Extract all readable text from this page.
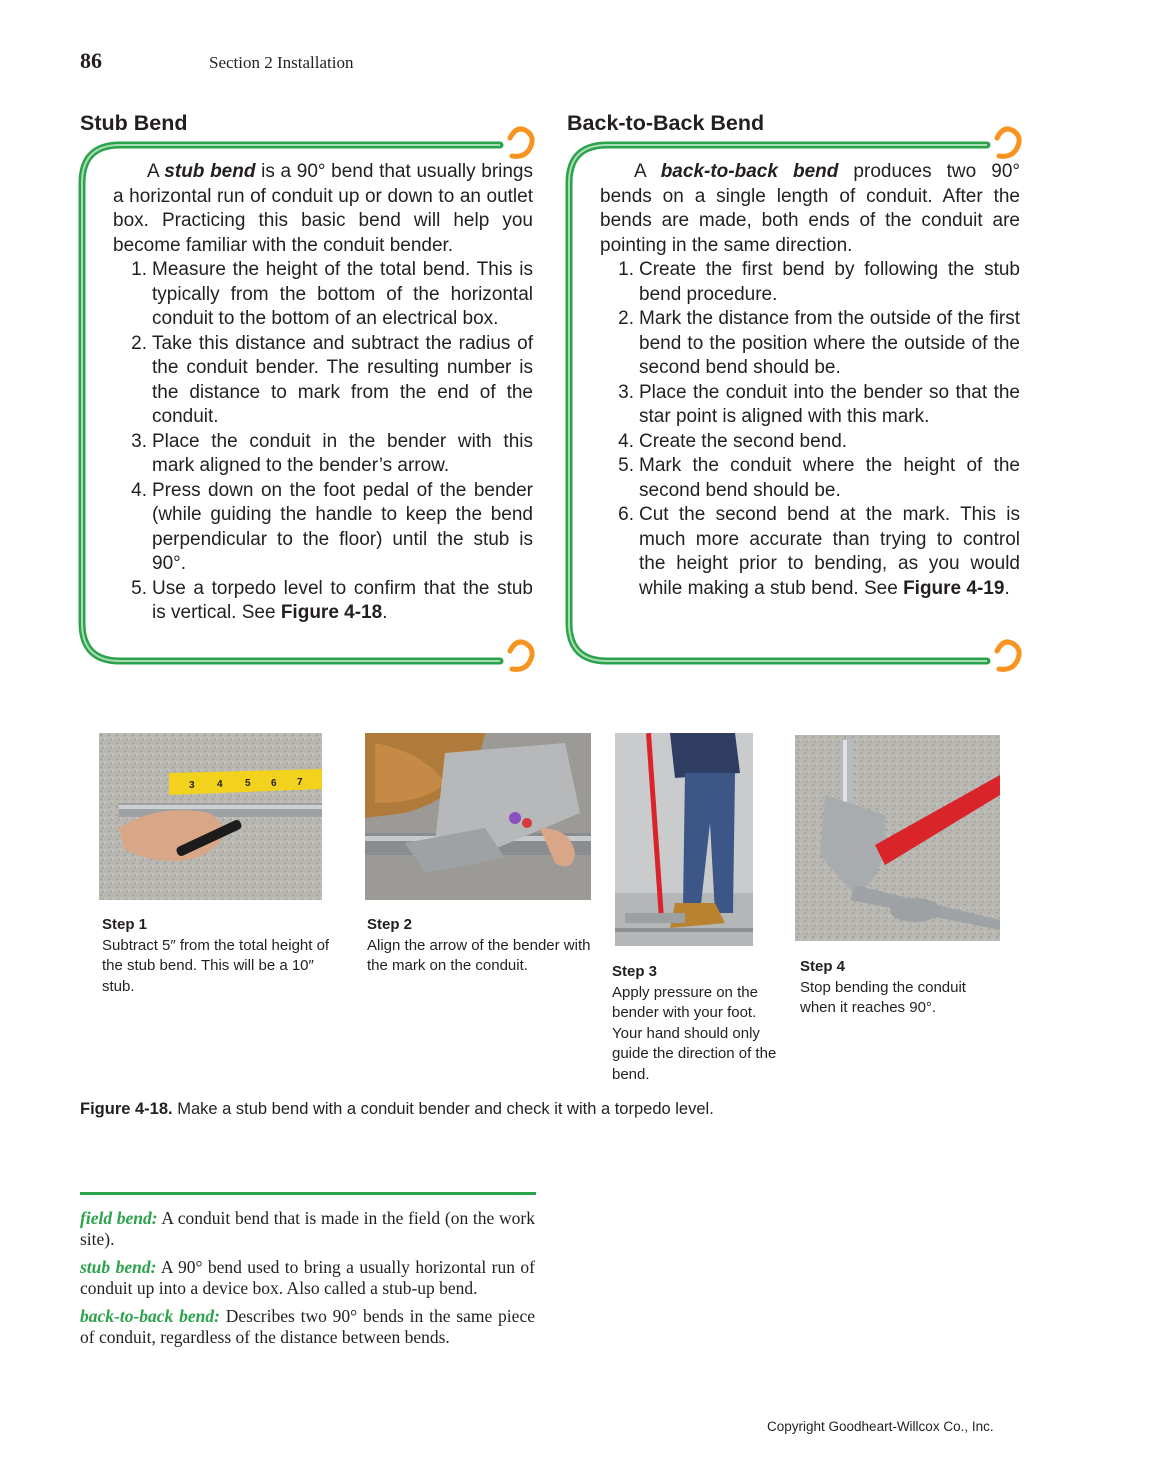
86	Section 2 Installation
Stub Bend	Back-to-Back Bend

A stub bend is a 90° bend that usually brings a horizontal run of conduit up or down to an outlet box. Practicing this basic bend will help you become familiar with the conduit bender.

1. Measure the height of the total bend. This is typically from the bottom of the horizontal conduit to the bottom of an electrical box.
2. Take this distance and subtract the radius of the conduit bender. The resulting number is the distance to mark from the end of the conduit.
3. Place the conduit in the bender with this mark aligned to the bender’s arrow.
4. Press down on the foot pedal of the bender (while guiding the handle to keep the bend perpendicular to the floor) until the stub is 90°.
5. Use a torpedo level to confirm that the stub is vertical. See Figure 4-18.

A back-to-back bend produces two 90° bends on a single length of conduit. After the bends are made, both ends of the conduit are pointing in the same direction.

1. Create the first bend by following the stub bend procedure.
2. Mark the distance from the outside of the first bend to the position where the outside of the second bend should be.
3. Place the conduit into the bender so that the star point is aligned with this mark.
4. Create the second bend.
5. Mark the conduit where the height of the second bend should be.
6. Cut the second bend at the mark. This is much more accurate than trying to control the height prior to bending, as you would while making a stub bend. See Figure 4-19.
3 4 5 6 7
Step 1
Subtract 5″ from the total height of the stub bend. This will be a 10″ stub.
Step 2
Align the arrow of the bender with the mark on the conduit.	Step 3
Apply pressure on the bender with your foot. Your hand should only guide the direction of the bend.
Step 4
Stop bending the conduit when it reaches 90°.
Figure 4-18. Make a stub bend with a conduit bender and check it with a torpedo level.

field bend: A conduit bend that is made in the field (on the work site).

stub bend: A 90° bend used to bring a usually horizontal run of conduit up into a device box. Also called a stub-up bend.

back-to-back bend: Describes two 90° bends in the same piece of conduit, regardless of the distance between bends.

Copyright Goodheart-Willcox Co., Inc.
